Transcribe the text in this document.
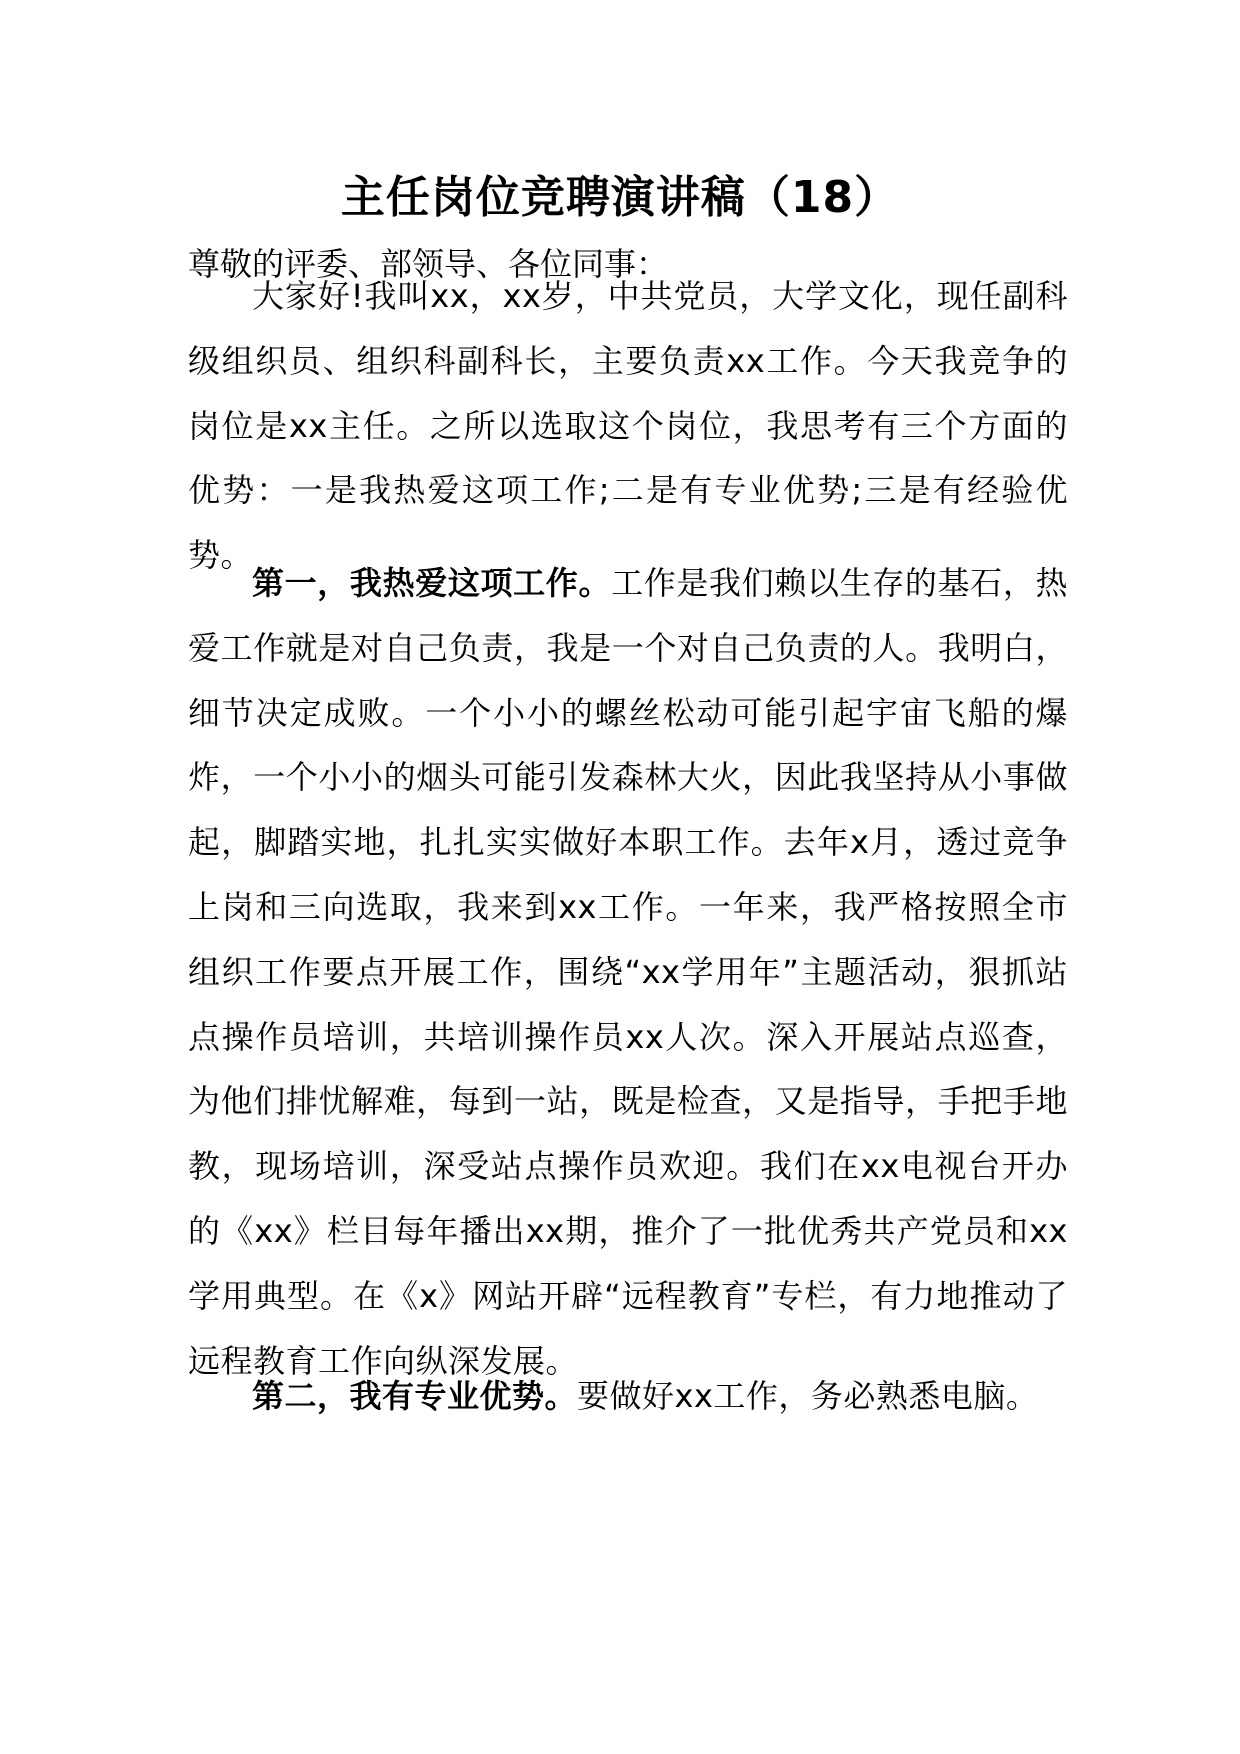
主任岗位竞聘演讲稿（18）
尊敬的评委、部领导、各位同事：

大家好!我叫xx，xx岁，中共党员，大学文化，现任副科级组织员、组织科副科长，主要负责xx工作。今天我竞争的岗位是xx主任。之所以选取这个岗位，我思考有三个方面的优势：一是我热爱这项工作;二是有专业优势;三是有经验优势。

第一，我热爱这项工作。工作是我们赖以生存的基石，热爱工作就是对自己负责，我是一个对自己负责的人。我明白，细节决定成败。一个小小的螺丝松动可能引起宇宙飞船的爆炸，一个小小的烟头可能引发森林大火，因此我坚持从小事做起，脚踏实地，扎扎实实做好本职工作。去年x月，透过竞争上岗和三向选取，我来到xx工作。一年来，我严格按照全市组织工作要点开展工作，围绕“xx学用年”主题活动，狠抓站点操作员培训，共培训操作员xx人次。深入开展站点巡查，为他们排忧解难，每到一站，既是检查，又是指导，手把手地教，现场培训，深受站点操作员欢迎。我们在xx电视台开办的《xx》栏目每年播出xx期，推介了一批优秀共产党员和xx学用典型。在《x》网站开辟“远程教育”专栏，有力地推动了远程教育工作向纵深发展。

第二，我有专业优势。要做好xx工作，务必熟悉电脑。
